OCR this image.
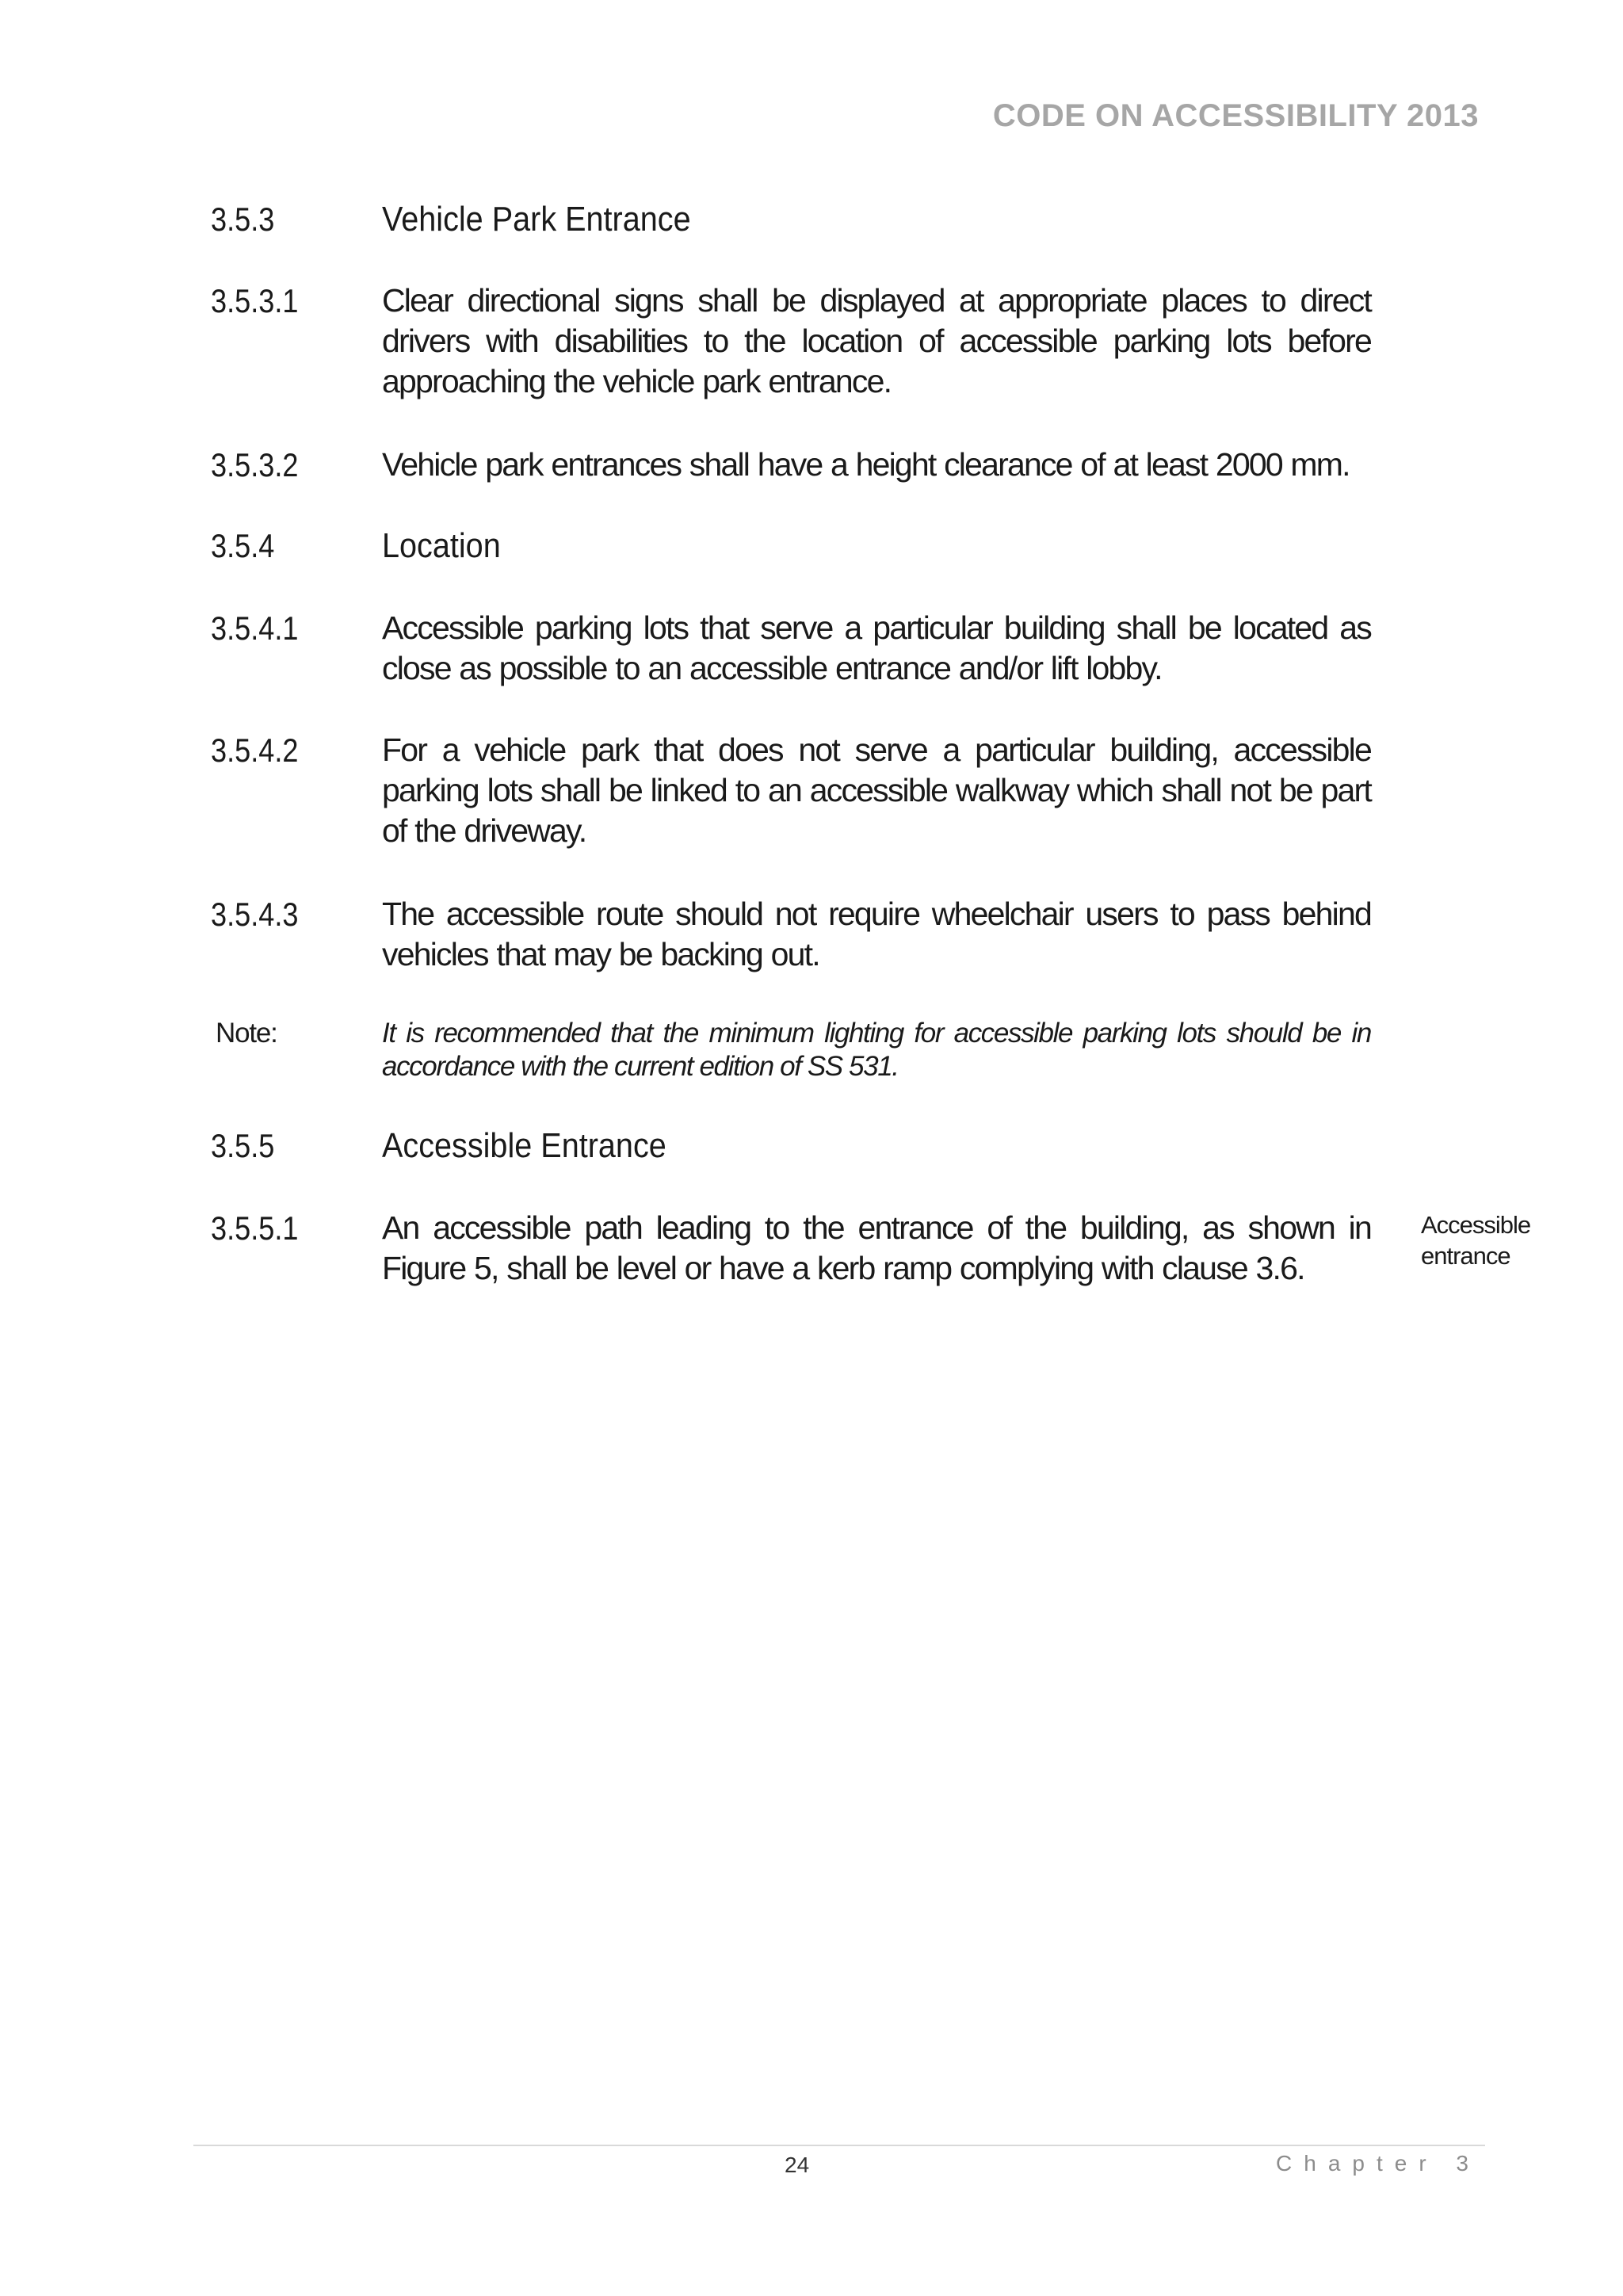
CODE ON ACCESSIBILITY 2013
3.5.3	Vehicle Park Entrance
3.5.3.1	Clear directional signs shall be displayed at appropriate places to direct drivers with disabilities to the location of accessible parking lots before approaching the vehicle park entrance.
3.5.3.2	Vehicle park entrances shall have a height clearance of at least 2000 mm.
3.5.4	Location
3.5.4.1	Accessible parking lots that serve a particular building shall be located as close as possible to an accessible entrance and/or lift lobby.
3.5.4.2	For a vehicle park that does not serve a particular building, accessible parking lots shall be linked to an accessible walkway which shall not be part of the driveway.
3.5.4.3	The accessible route should not require wheelchair users to pass behind vehicles that may be backing out.
Note:	It is recommended that the minimum lighting for accessible parking lots should be in accordance with the current edition of SS 531.
3.5.5	Accessible Entrance
3.5.5.1	An accessible path leading to the entrance of the building, as shown in Figure 5, shall be level or have a kerb ramp complying with clause 3.6.
Accessible entrance
24	Chapter 3
